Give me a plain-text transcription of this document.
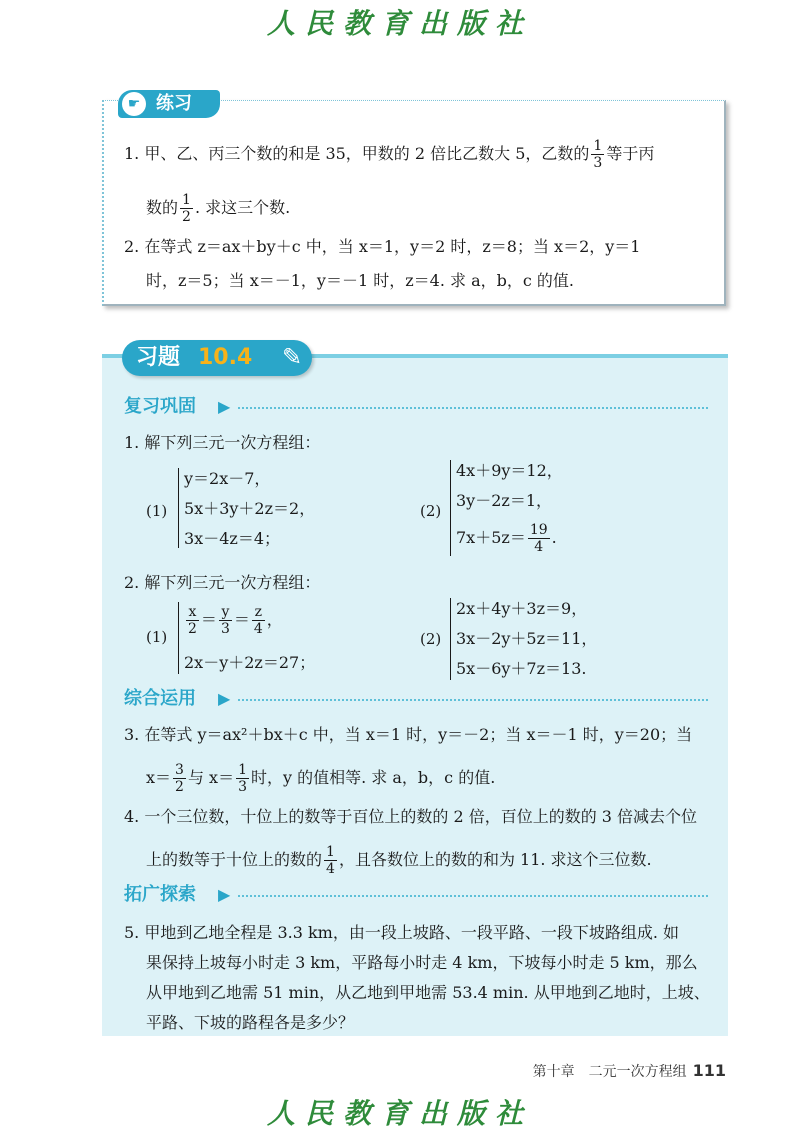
人民教育出版社
练习
☛
1. 甲、乙、丙三个数的和是 35，甲数的 2 倍比乙数大 5，乙数的 $\frac{1}{3}$ 等于丙
数的 $\frac{1}{2}$ . 求这三个数.
2. 在等式 z＝ax＋by＋c 中，当 x＝1，y＝2 时，z＝8；当 x＝2，y＝1
时，z＝5；当 x＝－1，y＝－1 时，z＝4. 求 a，b，c 的值.
习题 10.4 ✎
复习巩固 ▶
1. 解下列三元一次方程组：
(1)
y＝2x－7，
5x＋3y＋2z＝2，
3x－4z＝4；
(2)
4x＋9y＝12，
3y－2z＝1，
$7x+5z= \frac{19}{4}$ .
2. 解下列三元一次方程组：
$(1) \frac{x}{2} = \frac{y}{3} = \frac{z}{4}$ ，
2x－y＋2z＝27；
(2)
2x＋4y＋3z＝9，
3x－2y＋5z＝11，
5x－6y＋7z＝13.
综合运用 ▶
3. 在等式 y＝ax²＋bx＋c 中，当 x＝1 时，y＝－2；当 x＝－1 时，y＝20；当
$x= \frac{3}{2}$ 与 $x= \frac{1}{3}$ 时，y 的值相等. 求 a，b，c 的值.
4. 一个三位数，十位上的数等于百位上的数的 2 倍，百位上的数的 3 倍减去个位
上的数等于十位上的数的 $\frac{1}{4}$ ，且各数位上的数的和为 11. 求这个三位数.
拓广探索 ▶
5. 甲地到乙地全程是 3.3 km，由一段上坡路、一段平路、一段下坡路组成. 如
果保持上坡每小时走 3 km，平路每小时走 4 km，下坡每小时走 5 km，那么
从甲地到乙地需 51 min，从乙地到甲地需 53.4 min. 从甲地到乙地时，上坡、
平路、下坡的路程各是多少？
第十章　二元一次方程组 111
人民教育出版社
